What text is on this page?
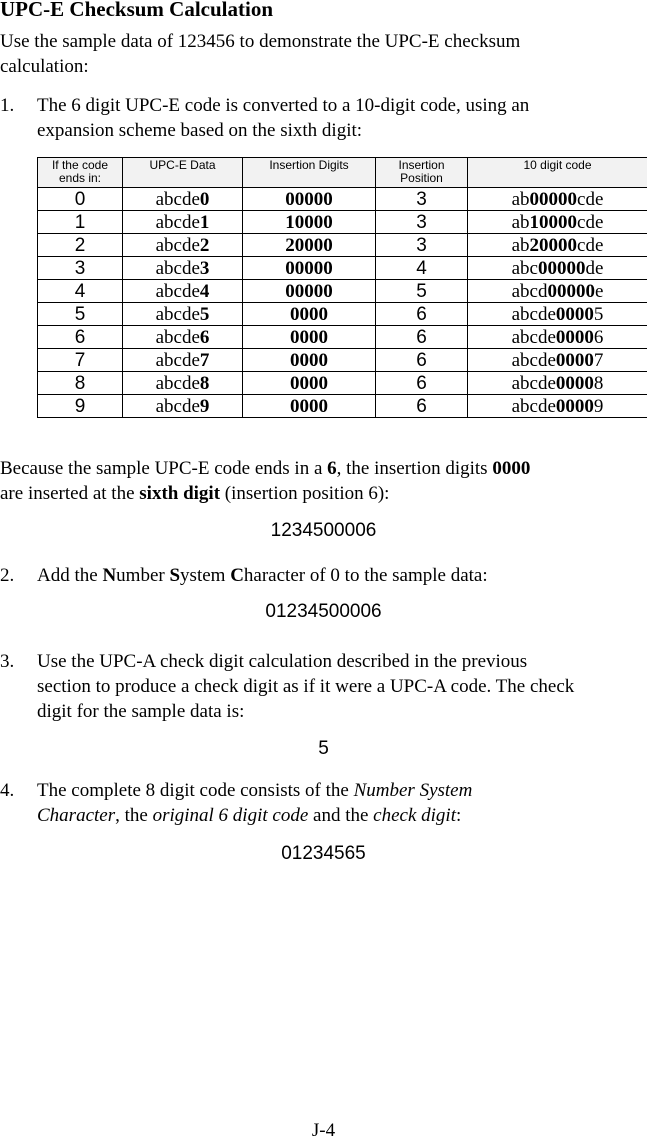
UPC-E Checksum Calculation

Use the sample data of 123456 to demonstrate the UPC-E checksum calculation:

1. The 6 digit UPC-E code is converted to a 10-digit code, using an expansion scheme based on the sixth digit:
If the code ends in:	UPC-E Data	Insertion Digits	Insertion Position	10 digit code
0	abcde0	00000	3	ab00000cde
1	abcde1	10000	3	ab10000cde
2	abcde2	20000	3	ab20000cde
3	abcde3	00000	4	abc00000de
4	abcde4	00000	5	abcd00000e
5	abcde5	0000	6	abcde00005
6	abcde6	0000	6	abcde00006
7	abcde7	0000	6	abcde00007
8	abcde8	0000	6	abcde00008
9	abcde9	0000	6	abcde00009

Because the sample UPC-E code ends in a 6, the insertion digits 0000
are inserted at the sixth digit (insertion position 6):

1234500006
2. Add the Number System Character of 0 to the sample data:
01234500006
3. Use the UPC-A check digit calculation described in the previous section to produce a check digit as if it were a UPC-A code. The check digit for the sample data is:
5
4. The complete 8 digit code consists of the Number System Character, the original 6 digit code and the check digit:
01234565
J-4
